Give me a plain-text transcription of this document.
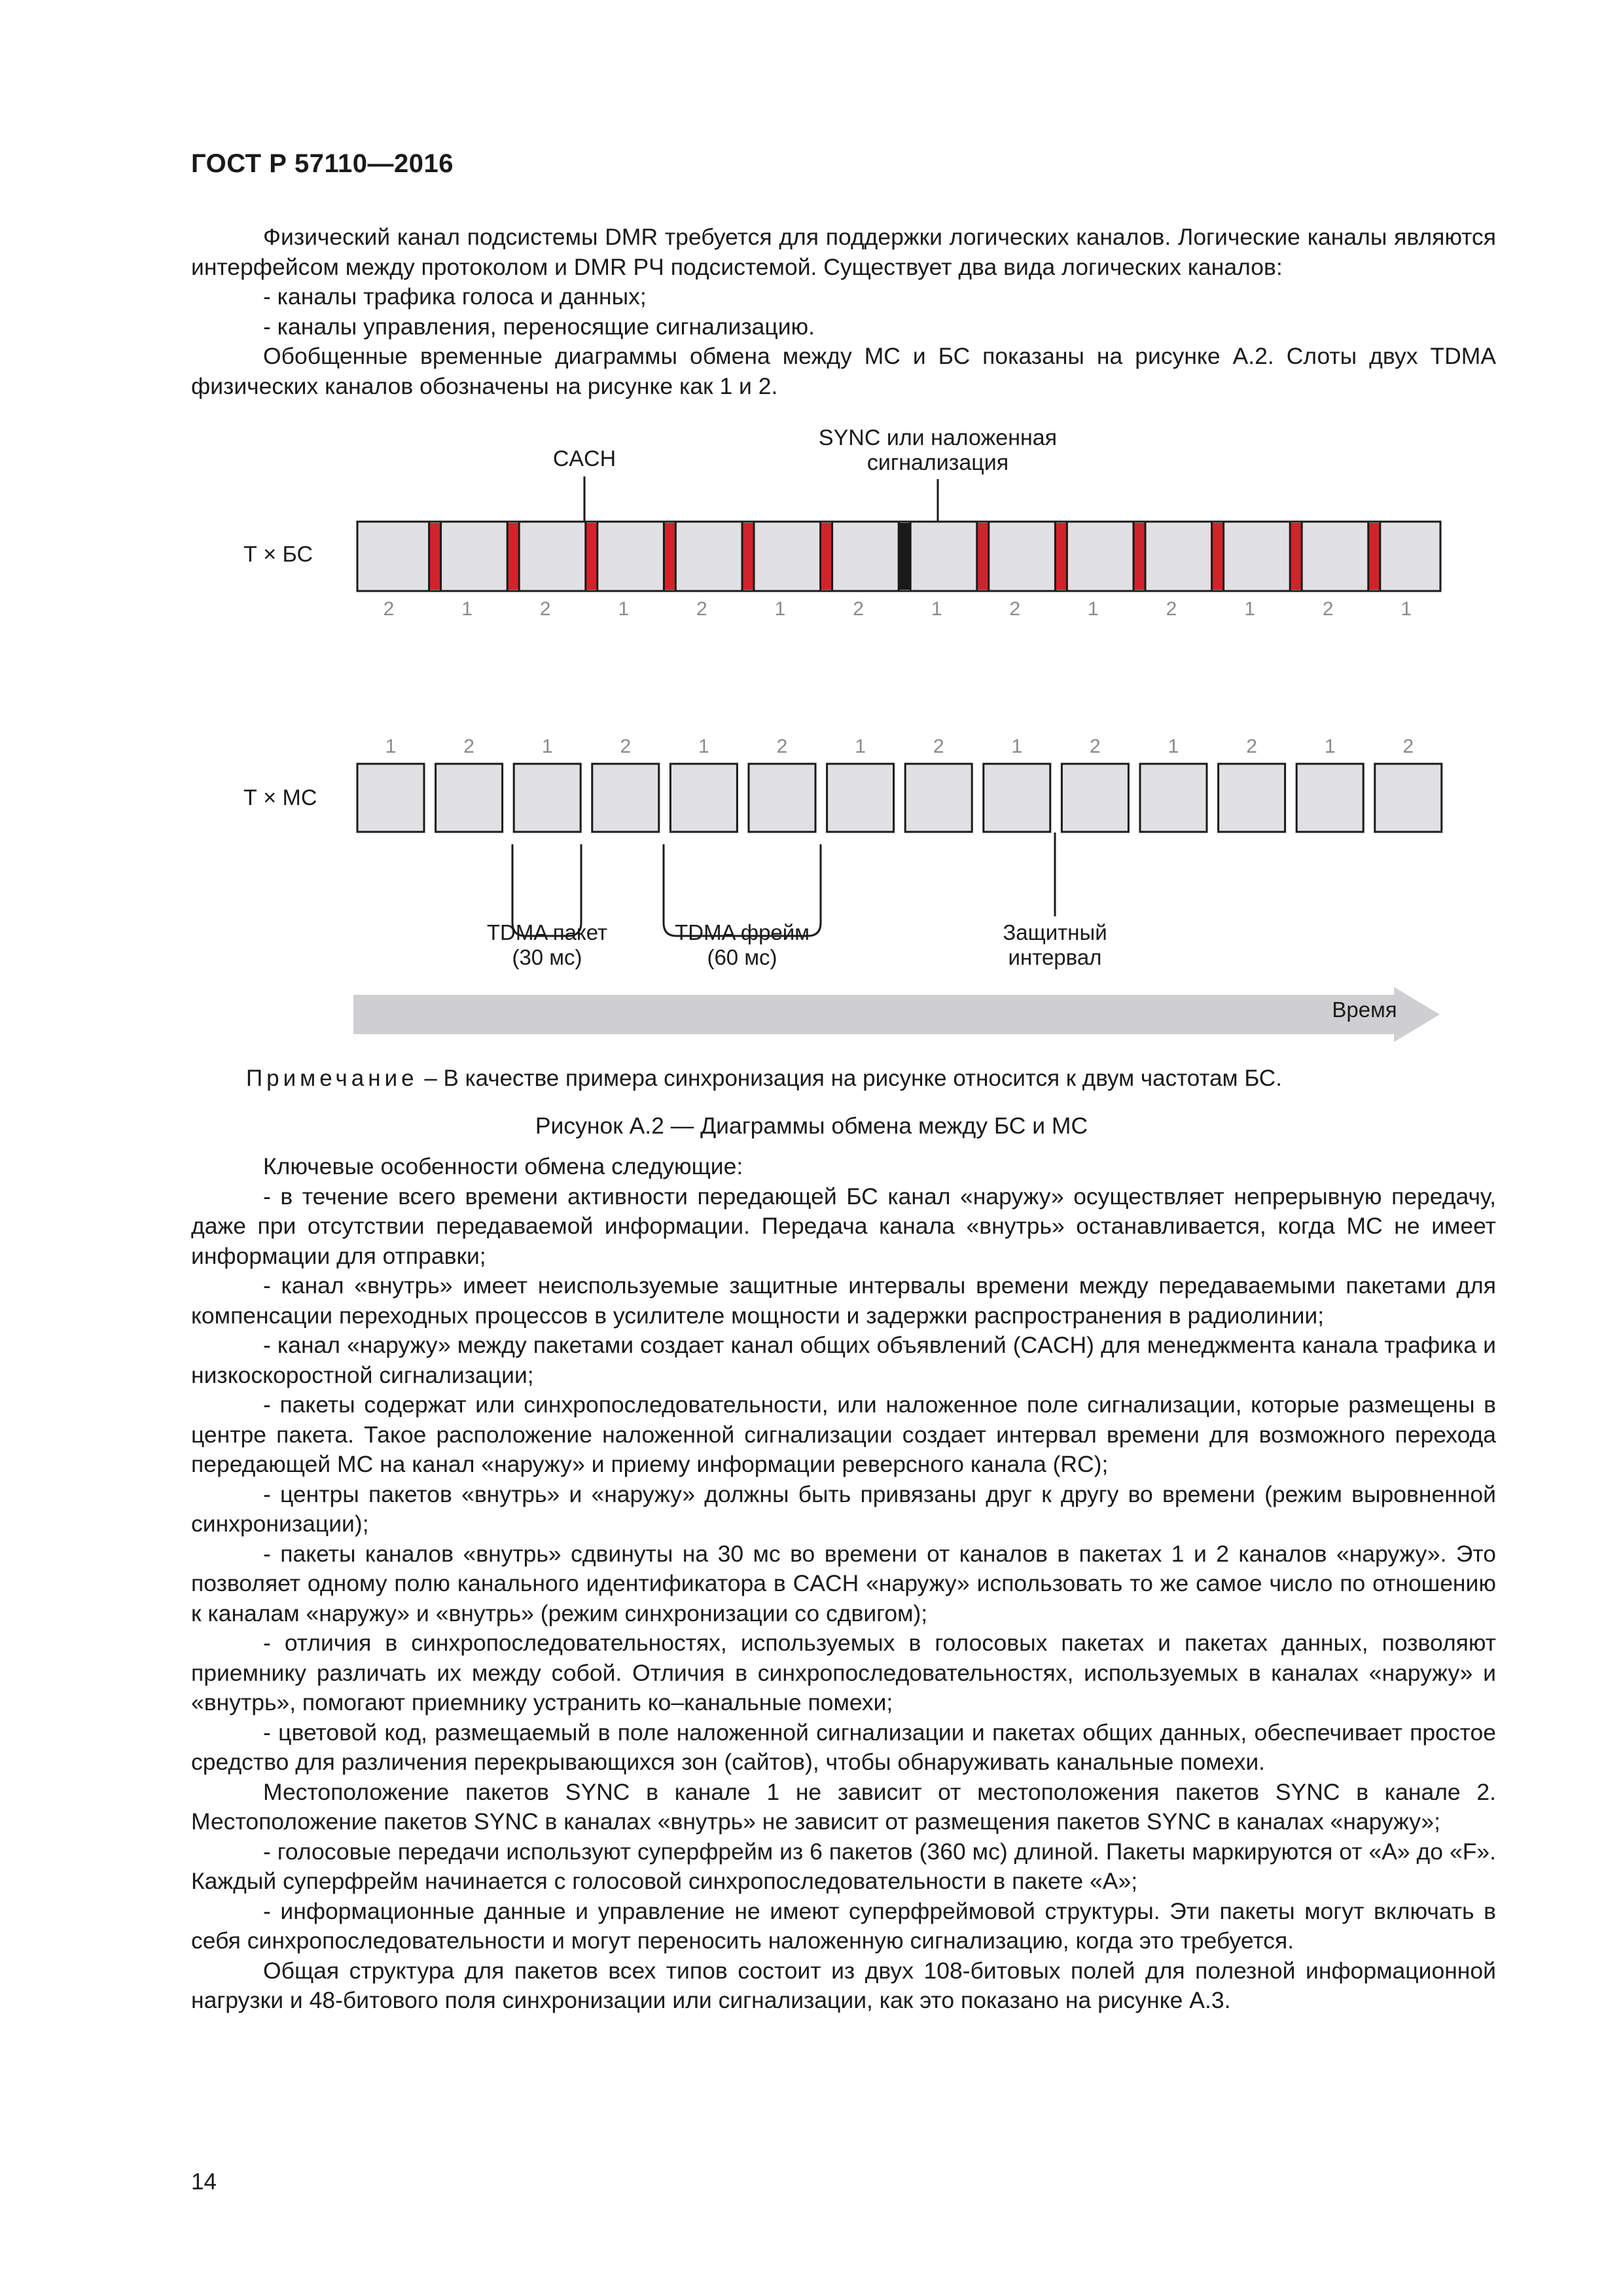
ГОСТ Р 57110—2016

Физический канал подсистемы DMR требуется для поддержки логических каналов. Логические каналы являются интерфейсом между протоколом и DMR РЧ подсистемой. Существует два вида логических каналов:

- каналы трафика голоса и данных;

- каналы управления, переносящие сигнализацию.

Обобщенные временные диаграммы обмена между МС и БС показаны на рисунке А.2. Слоты двух TDMA физических каналов обозначены на рисунке как 1 и 2.

CACH
SYNC или наложенная
сигнализация
Т × БС
Т × МС
2	1	2	1	2	1	2	1	2	1	2	1	2	1
1	2	1	2	1	2	1	2	1	2	1	2	1	2
TDMA пакет
(30 мс)
TDMA фрейм
(60 мс)
Защитный
интервал
Время
Примечание – В качестве примера синхронизация на рисунке относится к двум частотам БС.
Рисунок А.2 — Диаграммы обмена между БС и МС

Ключевые особенности обмена следующие:

- в течение всего времени активности передающей БС канал «наружу» осуществляет непрерывную передачу, даже при отсутствии передаваемой информации. Передача канала «внутрь» останавливается, когда МС не имеет информации для отправки;

- канал «внутрь» имеет неиспользуемые защитные интервалы времени между передаваемыми пакетами для компенсации переходных процессов в усилителе мощности и задержки распространения в радиолинии;

- канал «наружу» между пакетами создает канал общих объявлений (CACH) для менеджмента канала трафика и низкоскоростной сигнализации;

- пакеты содержат или синхропоследовательности, или наложенное поле сигнализации, которые размещены в центре пакета. Такое расположение наложенной сигнализации создает интервал времени для возможного перехода передающей МС на канал «наружу» и приему информации реверсного канала (RC);

- центры пакетов «внутрь» и «наружу» должны быть привязаны друг к другу во времени (режим выровненной синхронизации);

- пакеты каналов «внутрь» сдвинуты на 30 мс во времени от каналов в пакетах 1 и 2 каналов «наружу». Это позволяет одному полю канального идентификатора в CACH «наружу» использовать то же самое число по отношению к каналам «наружу» и «внутрь» (режим синхронизации со сдвигом);

- отличия в синхропоследовательностях, используемых в голосовых пакетах и пакетах данных, позволяют приемнику различать их между собой. Отличия в синхропоследовательностях, используемых в каналах «наружу» и «внутрь», помогают приемнику устранить ко–канальные помехи;

- цветовой код, размещаемый в поле наложенной сигнализации и пакетах общих данных, обеспечивает простое средство для различения перекрывающихся зон (сайтов), чтобы обнаруживать канальные помехи.

Местоположение пакетов SYNC в канале 1 не зависит от местоположения пакетов SYNC в канале 2. Местоположение пакетов SYNC в каналах «внутрь» не зависит от размещения пакетов SYNC в каналах «наружу»;

- голосовые передачи используют суперфрейм из 6 пакетов (360 мс) длиной. Пакеты маркируются от «А» до «F». Каждый суперфрейм начинается с голосовой синхропоследовательности в пакете «А»;

- информационные данные и управление не имеют суперфреймовой структуры. Эти пакеты могут включать в себя синхропоследовательности и могут переносить наложенную сигнализацию, когда это требуется.

Общая структура для пакетов всех типов состоит из двух 108-битовых полей для полезной информационной нагрузки и 48-битового поля синхронизации или сигнализации, как это показано на рисунке А.3.

14
